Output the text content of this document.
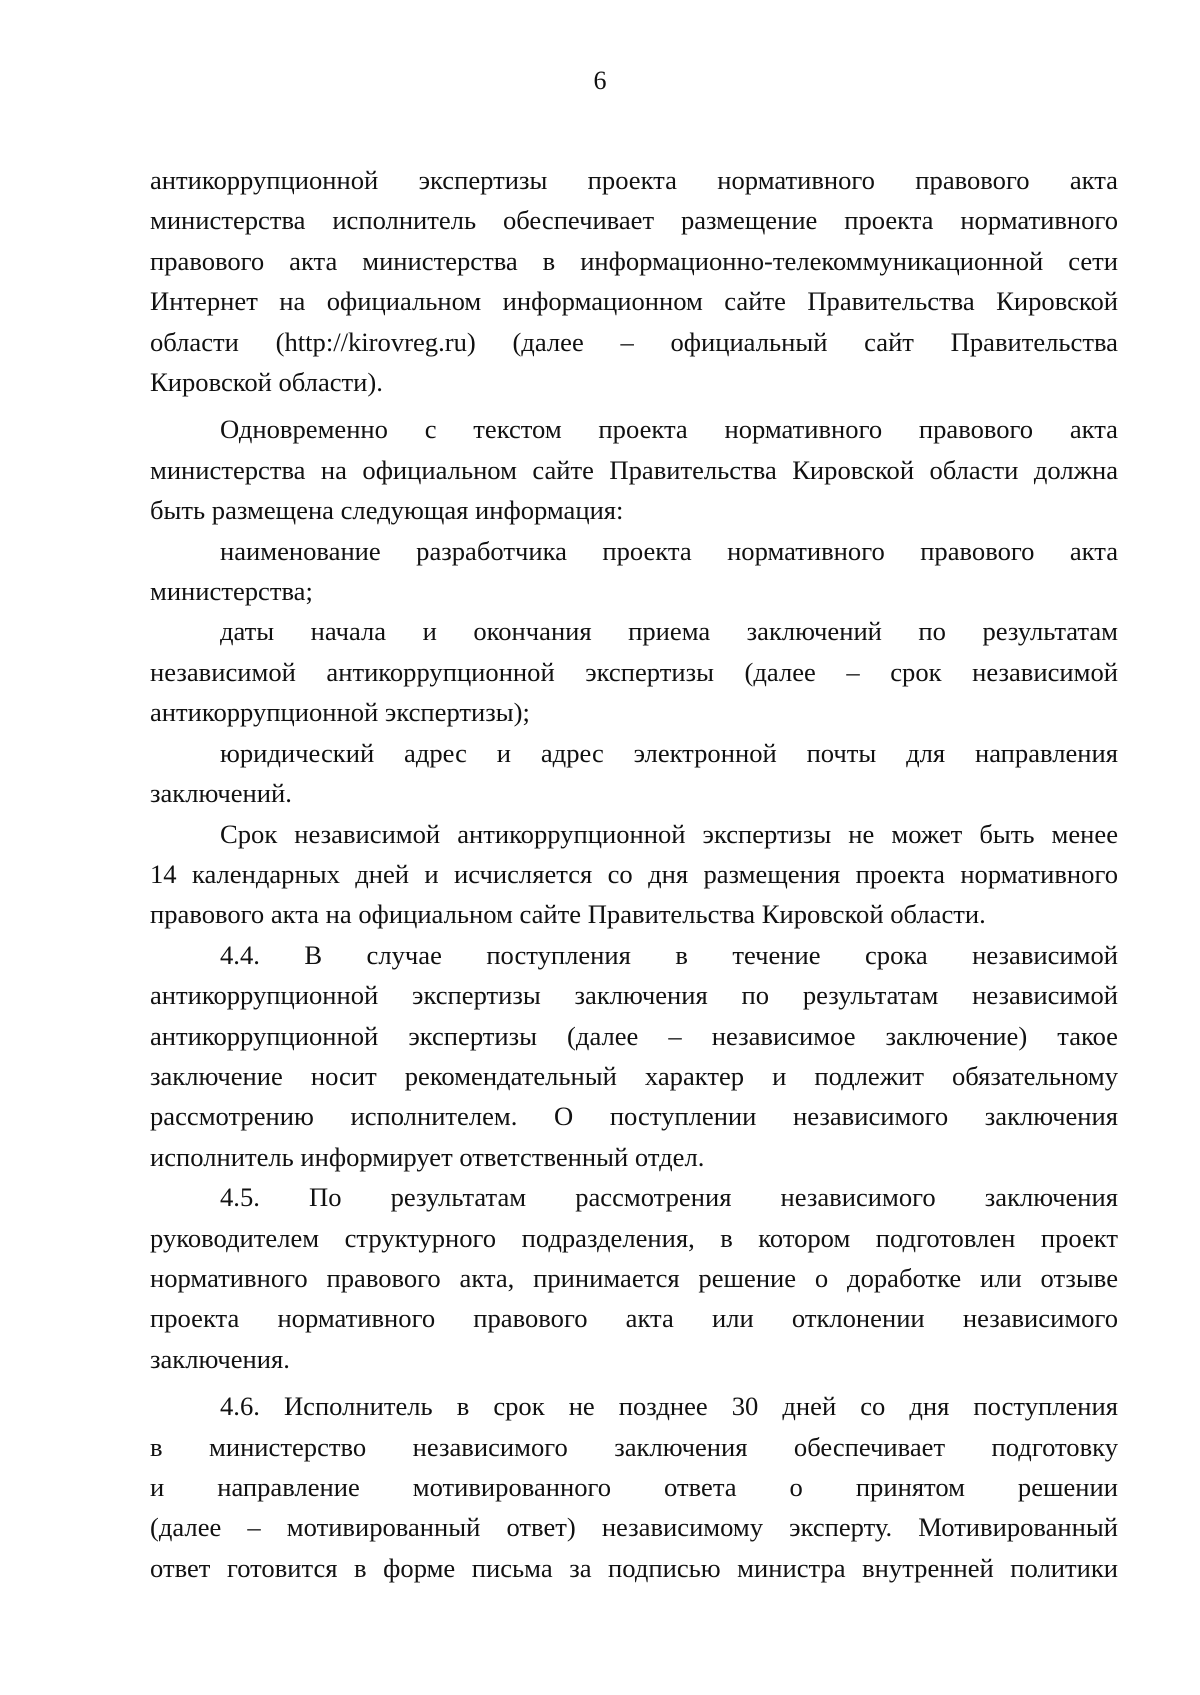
6
антикоррупционной экспертизы проекта нормативного правового акта
министерства исполнитель обеспечивает размещение проекта нормативного
правового акта министерства в информационно-телекоммуникационной сети
Интернет на официальном информационном сайте Правительства Кировской
области (http://kirovreg.ru) (далее – официальный сайт Правительства
Кировской области).
Одновременно с текстом проекта нормативного правового акта
министерства на официальном сайте Правительства Кировской области должна
быть размещена следующая информация:
наименование разработчика проекта нормативного правового акта
министерства;
даты начала и окончания приема заключений по результатам
независимой антикоррупционной экспертизы (далее – срок независимой
антикоррупционной экспертизы);
юридический адрес и адрес электронной почты для направления
заключений.
Срок независимой антикоррупционной экспертизы не может быть менее
14 календарных дней и исчисляется со дня размещения проекта нормативного
правового акта на официальном сайте Правительства Кировской области.
4.4. В случае поступления в течение срока независимой
антикоррупционной экспертизы заключения по результатам независимой
антикоррупционной экспертизы (далее – независимое заключение) такое
заключение носит рекомендательный характер и подлежит обязательному
рассмотрению исполнителем. О поступлении независимого заключения
исполнитель информирует ответственный отдел.
4.5. По результатам рассмотрения независимого заключения
руководителем структурного подразделения, в котором подготовлен проект
нормативного правового акта, принимается решение о доработке или отзыве
проекта нормативного правового акта или отклонении независимого
заключения.
4.6. Исполнитель в срок не позднее 30 дней со дня поступления
в министерство независимого заключения обеспечивает подготовку
и направление мотивированного ответа о принятом решении
(далее – мотивированный ответ) независимому эксперту. Мотивированный
ответ готовится в форме письма за подписью министра внутренней политики
